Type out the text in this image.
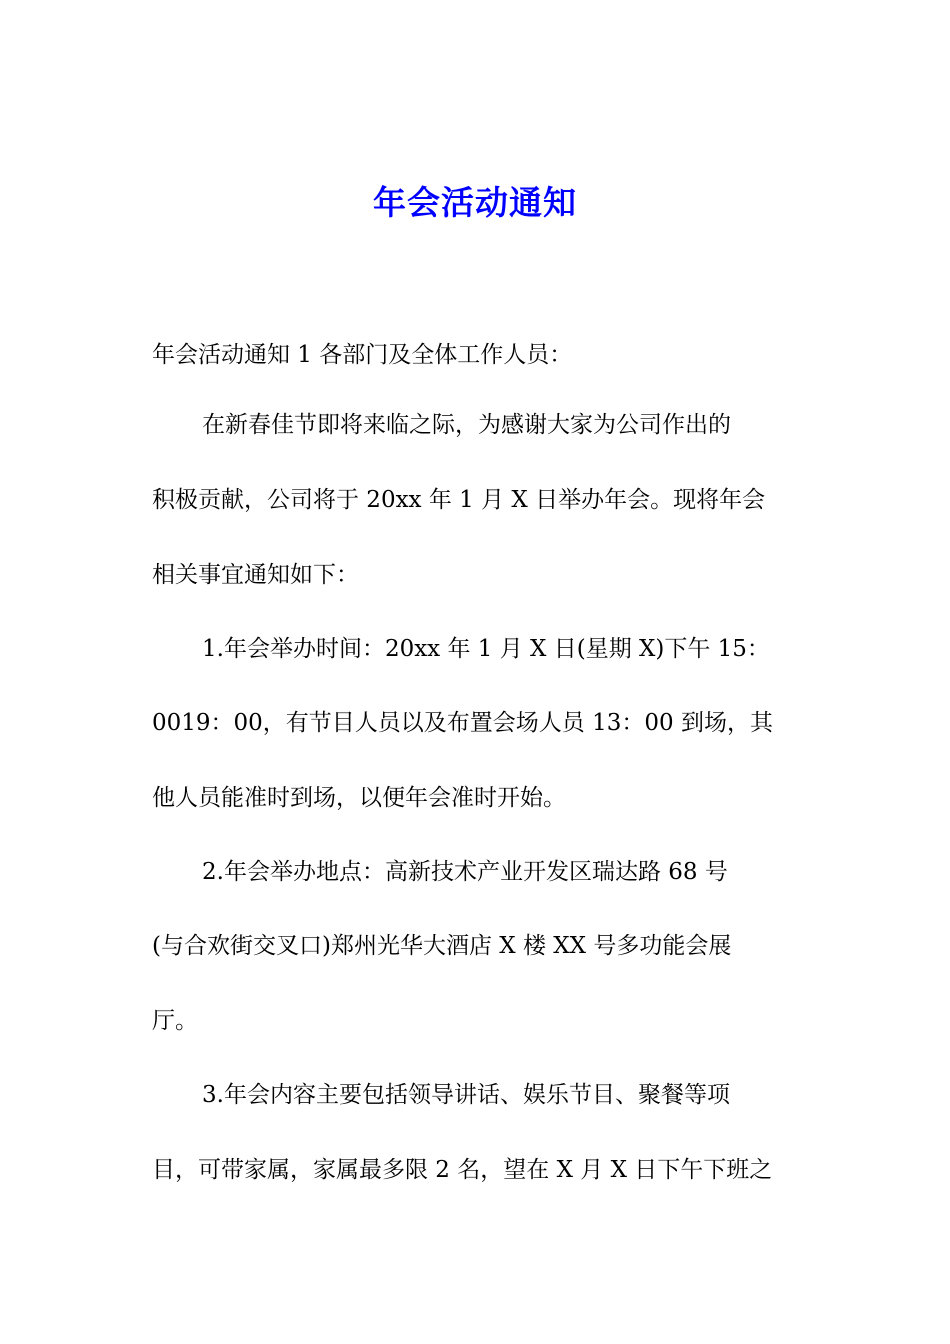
年会活动通知

年会活动通知 1 各部门及全体工作人员：

在新春佳节即将来临之际，为感谢大家为公司作出的

积极贡献，公司将于 20xx 年 1 月 X 日举办年会。现将年会

相关事宜通知如下：

1.年会举办时间：20xx 年 1 月 X 日(星期 X)下午 15：

0019：00，有节目人员以及布置会场人员 13：00 到场，其

他人员能准时到场，以便年会准时开始。

2.年会举办地点：高新技术产业开发区瑞达路 68 号

(与合欢街交叉口)郑州光华大酒店 X 楼 XX 号多功能会展

厅。

3.年会内容主要包括领导讲话、娱乐节目、聚餐等项

目，可带家属，家属最多限 2 名，望在 X 月 X 日下午下班之
